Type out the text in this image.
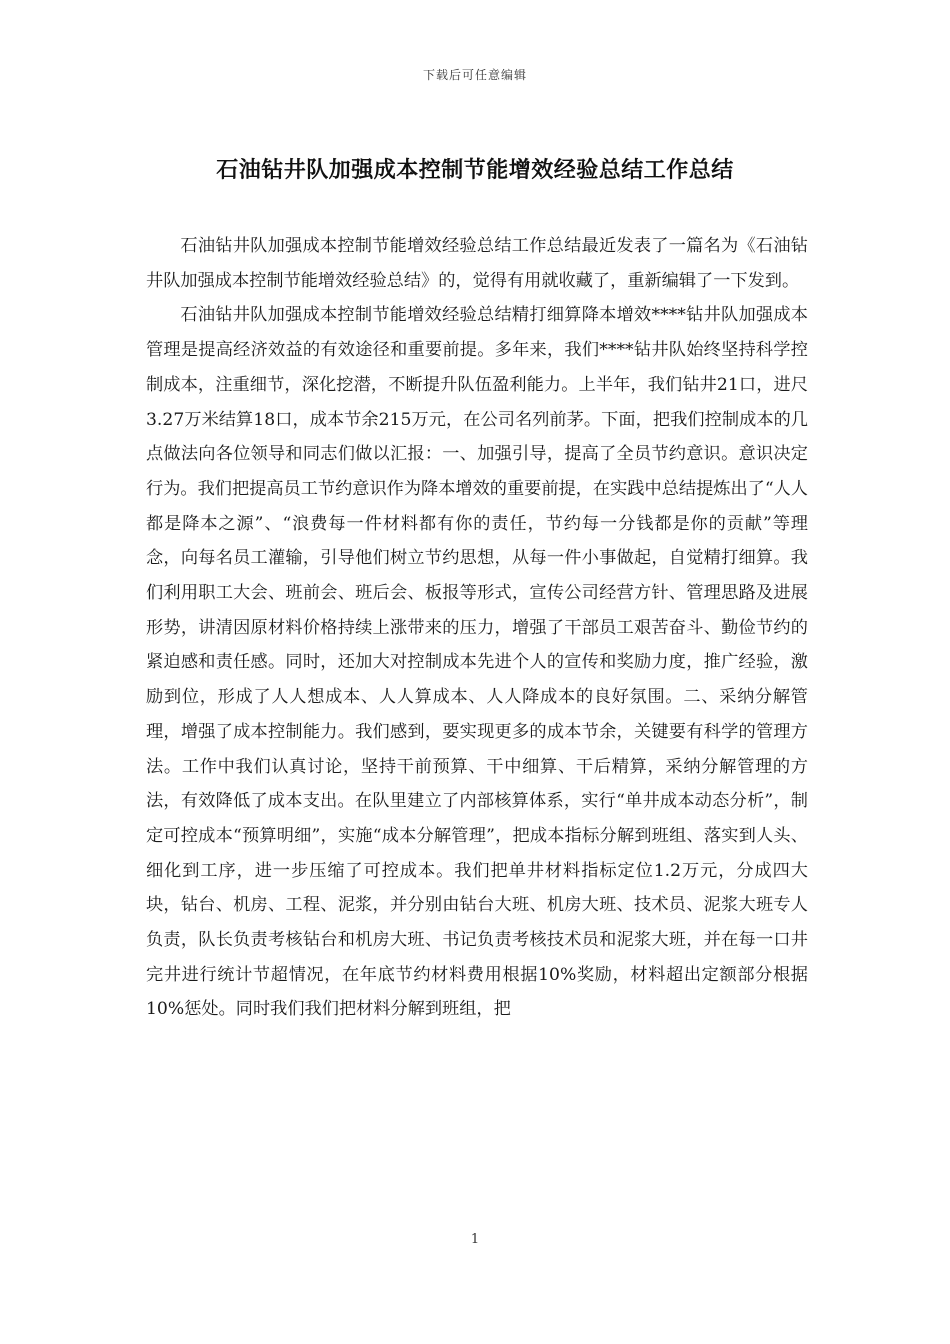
下载后可任意编辑
石油钻井队加强成本控制节能增效经验总结工作总结

石油钻井队加强成本控制节能增效经验总结工作总结最近发表了一篇名为《石油钻井队加强成本控制节能增效经验总结》的，觉得有用就收藏了，重新编辑了一下发到。

石油钻井队加强成本控制节能增效经验总结精打细算降本增效****钻井队加强成本管理是提高经济效益的有效途径和重要前提。多年来，我们****钻井队始终坚持科学控制成本，注重细节，深化挖潜，不断提升队伍盈利能力。上半年，我们钻井21口，进尺3.27万米结算18口，成本节余215万元，在公司名列前茅。下面，把我们控制成本的几点做法向各位领导和同志们做以汇报：一、加强引导，提高了全员节约意识。意识决定行为。我们把提高员工节约意识作为降本增效的重要前提，在实践中总结提炼出了“人人都是降本之源”、“浪费每一件材料都有你的责任，节约每一分钱都是你的贡献”等理念，向每名员工灌输，引导他们树立节约思想，从每一件小事做起，自觉精打细算。我们利用职工大会、班前会、班后会、板报等形式，宣传公司经营方针、管理思路及进展形势，讲清因原材料价格持续上涨带来的压力，增强了干部员工艰苦奋斗、勤俭节约的紧迫感和责任感。同时，还加大对控制成本先进个人的宣传和奖励力度，推广经验，激励到位，形成了人人想成本、人人算成本、人人降成本的良好氛围。二、采纳分解管理，增强了成本控制能力。我们感到，要实现更多的成本节余，关键要有科学的管理方法。工作中我们认真讨论，坚持干前预算、干中细算、干后精算，采纳分解管理的方法，有效降低了成本支出。在队里建立了内部核算体系，实行“单井成本动态分析”，制定可控成本“预算明细”，实施“成本分解管理”，把成本指标分解到班组、落实到人头、细化到工序，进一步压缩了可控成本。我们把单井材料指标定位1.2万元，分成四大块，钻台、机房、工程、泥浆，并分别由钻台大班、机房大班、技术员、泥浆大班专人负责，队长负责考核钻台和机房大班、书记负责考核技术员和泥浆大班，并在每一口井完井进行统计节超情况，在年底节约材料费用根据10%奖励，材料超出定额部分根据10%惩处。同时我们我们把材料分解到班组，把

1
